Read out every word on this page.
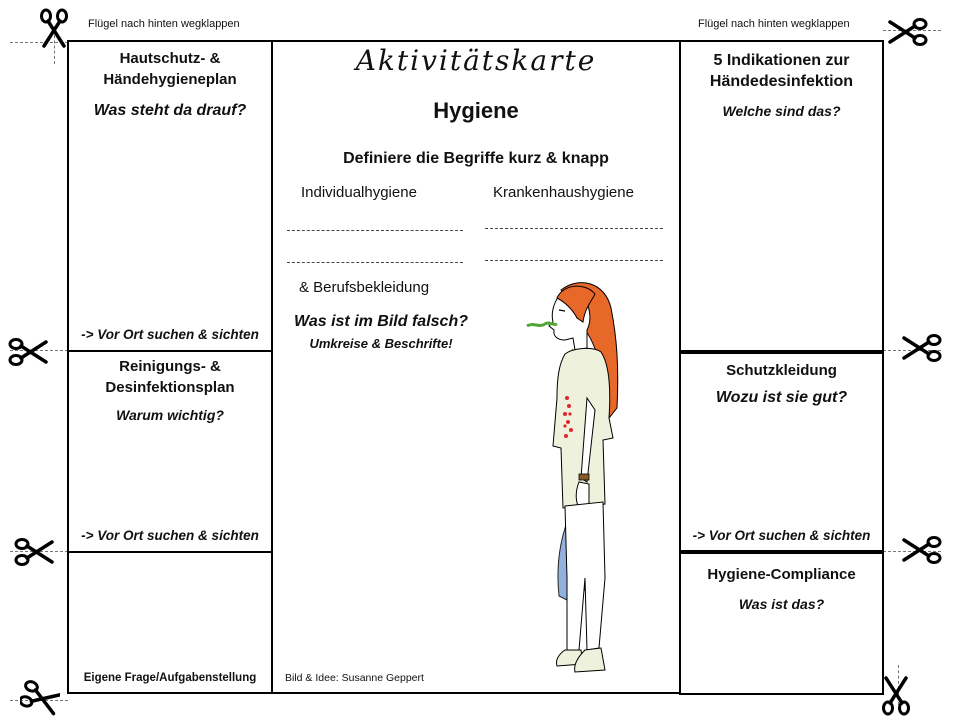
Flügel nach hinten wegklappen	Flügel nach hinten wegklappen
Hautschutz- & Händehygieneplan
Was steht da drauf?
-> Vor Ort suchen & sichten
Reinigungs- & Desinfektionsplan
Warum wichtig?
-> Vor Ort suchen & sichten
Eigene Frage/Aufgabenstellung
Aktivitätskarte
Hygiene
Definiere die Begriffe kurz & knapp
Individualhygiene	Krankenhaushygiene
& Berufsbekleidung
Was ist im Bild falsch?
Umkreise & Beschrifte!
Bild & Idee: Susanne Geppert
5 Indikationen zur Händedesinfektion
Welche sind das?
Schutzkleidung
Wozu ist sie gut?
-> Vor Ort suchen & sichten
Hygiene-Compliance
Was ist das?
